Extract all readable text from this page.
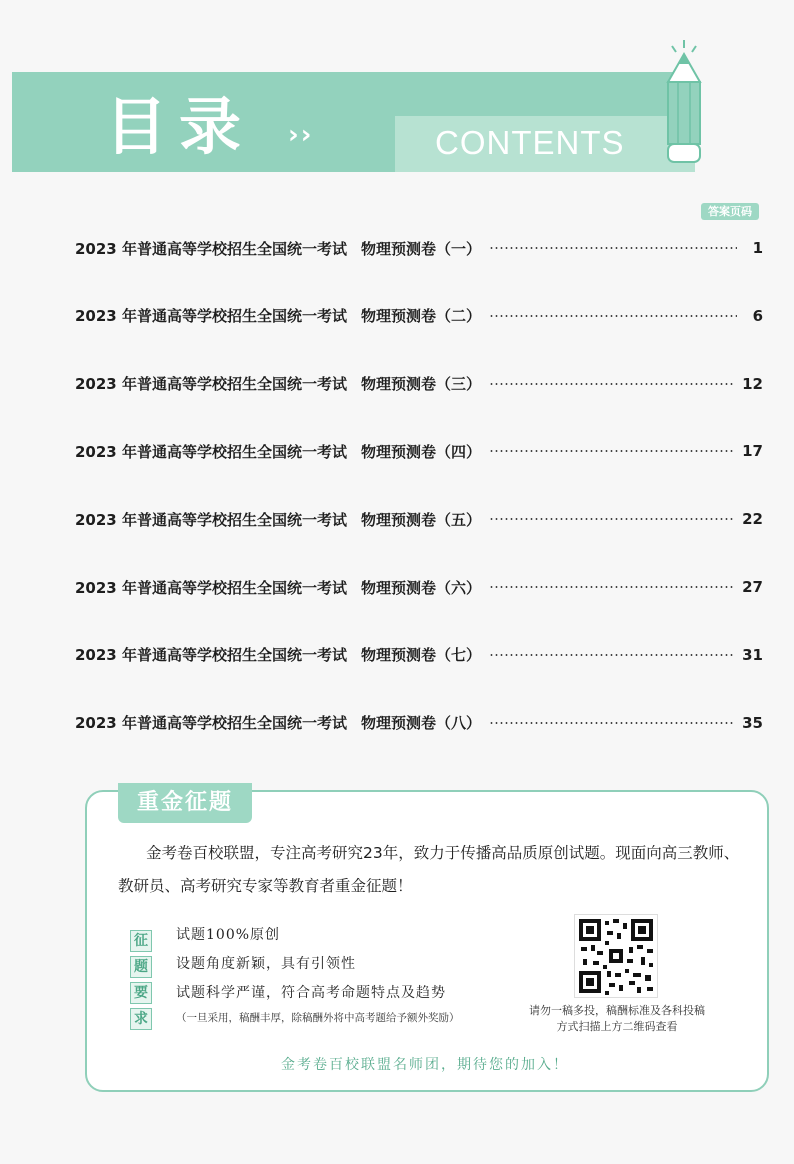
目录 ››	CONTENTS
答案页码
2023 年普通高等学校招生全国统一考试 物理预测卷（一）	1
2023 年普通高等学校招生全国统一考试 物理预测卷（二）	6
2023 年普通高等学校招生全国统一考试 物理预测卷（三）	12
2023 年普通高等学校招生全国统一考试 物理预测卷（四）	17
2023 年普通高等学校招生全国统一考试 物理预测卷（五）	22
2023 年普通高等学校招生全国统一考试 物理预测卷（六）	27
2023 年普通高等学校招生全国统一考试 物理预测卷（七）	31
2023 年普通高等学校招生全国统一考试 物理预测卷（八）	35
重金征题
金考卷百校联盟，专注高考研究23年，致力于传播高品质原创试题。现面向高三教师、教研员、高考研究专家等教育者重金征题！
征
题
要
求
试题100%原创
设题角度新颖，具有引领性
试题科学严谨，符合高考命题特点及趋势
（一旦采用，稿酬丰厚，除稿酬外将中高考题给予额外奖励）
请勿一稿多投，稿酬标准及各科投稿
方式扫描上方二维码查看
金考卷百校联盟名师团，期待您的加入！
